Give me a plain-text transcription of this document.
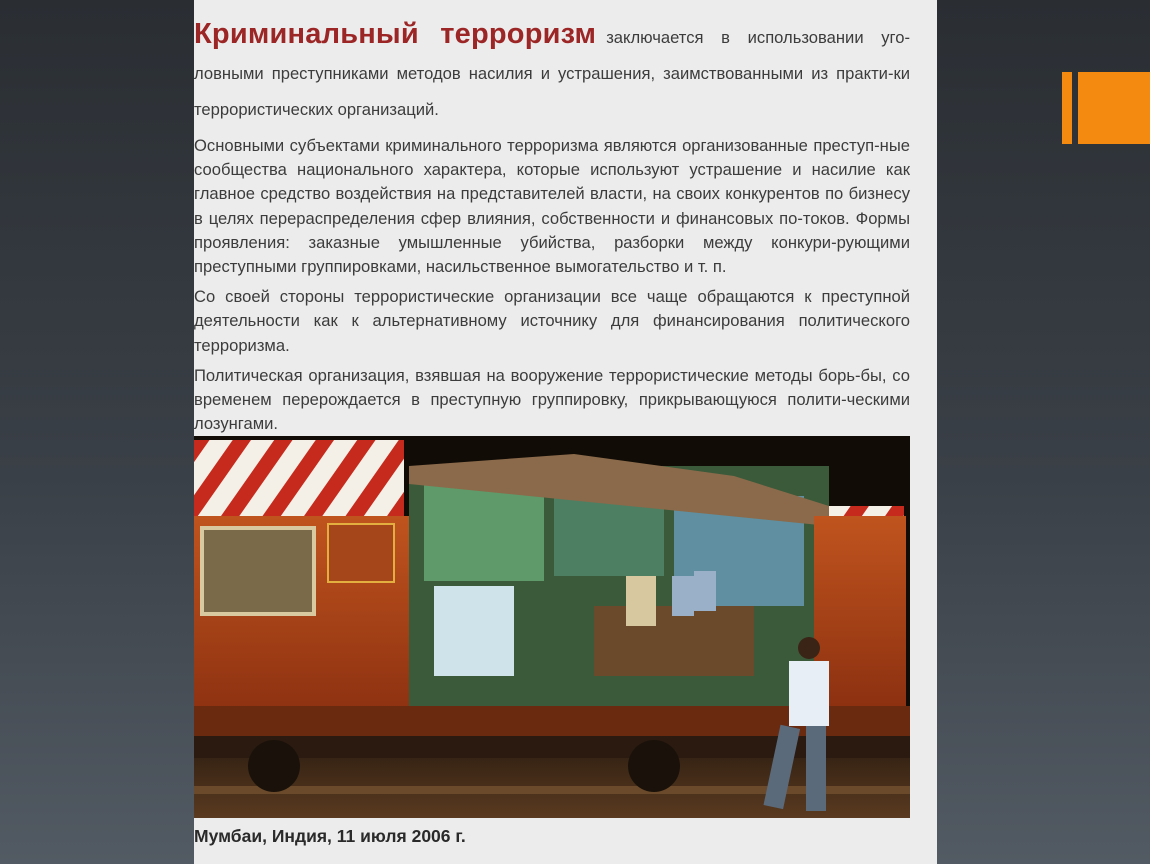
Криминальный терроризм заключается в использовании уго-ловными преступниками методов насилия и устрашения, заимствованными из практи-ки террористических организаций.

Основными субъектами криминального терроризма являются организованные преступ-ные сообщества национального характера, которые используют устрашение и насилие как главное средство воздействия на представителей власти, на своих конкурентов по бизнесу в целях перераспределения сфер влияния, собственности и финансовых по-токов. Формы проявления: заказные умышленные убийства, разборки между конкури-рующими преступными группировками, насильственное вымогательство и т. п.

Со своей стороны террористические организации все чаще обращаются к преступной деятельности как к альтернативному источнику для финансирования политического терроризма.

Политическая организация, взявшая на вооружение террористические методы борь-бы, со временем перерождается в преступную группировку, прикрывающуюся полити-ческими лозунгами.

Мумбаи, Индия, 11 июля 2006 г.
